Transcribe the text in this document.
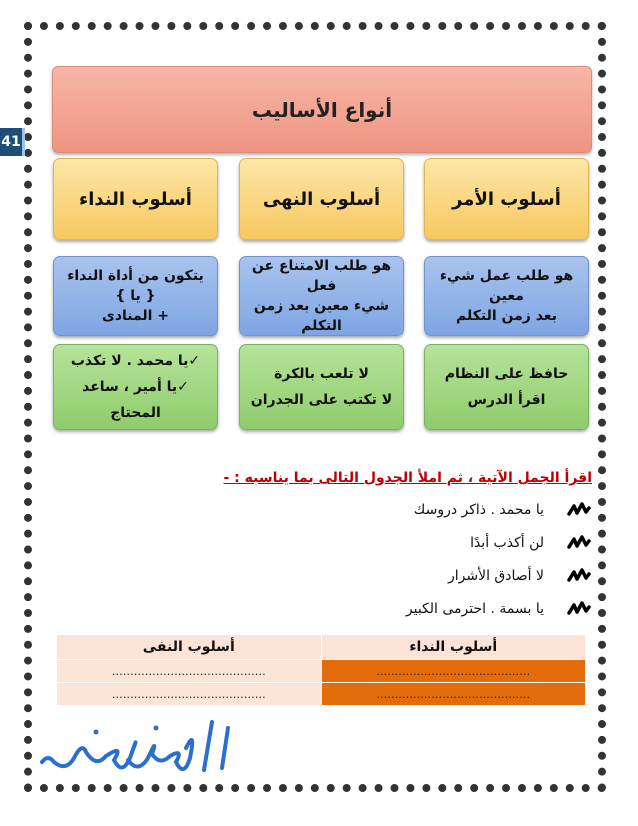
41
أنواع الأساليب
أسلوب الأمر
هو طلب عمل شيء معين
بعد زمن التكلم
حافظ على النظام
اقرأ الدرس
أسلوب النهى
هو طلب الامتناع عن فعل
شيء معين بعد زمن التكلم
لا تلعب بالكرة
لا تكتب على الجدران
أسلوب النداء
يتكون من أداة النداء { يا }
+ المنادى
✓يا محمد . لا تكذب
✓يا أمير ، ساعد المحتاج
اقرأ الجمل الآتية ، ثم املأ الجدول التالى بما يناسبه : -
يا محمد . ذاكر دروسك
لن أكذب أبدًا
لا أصادق الأشرار
يا بسمة . احترمى الكبير
أسلوب النداء	أسلوب النفى
……………………………………	……………………………………
……………………………………	……………………………………
